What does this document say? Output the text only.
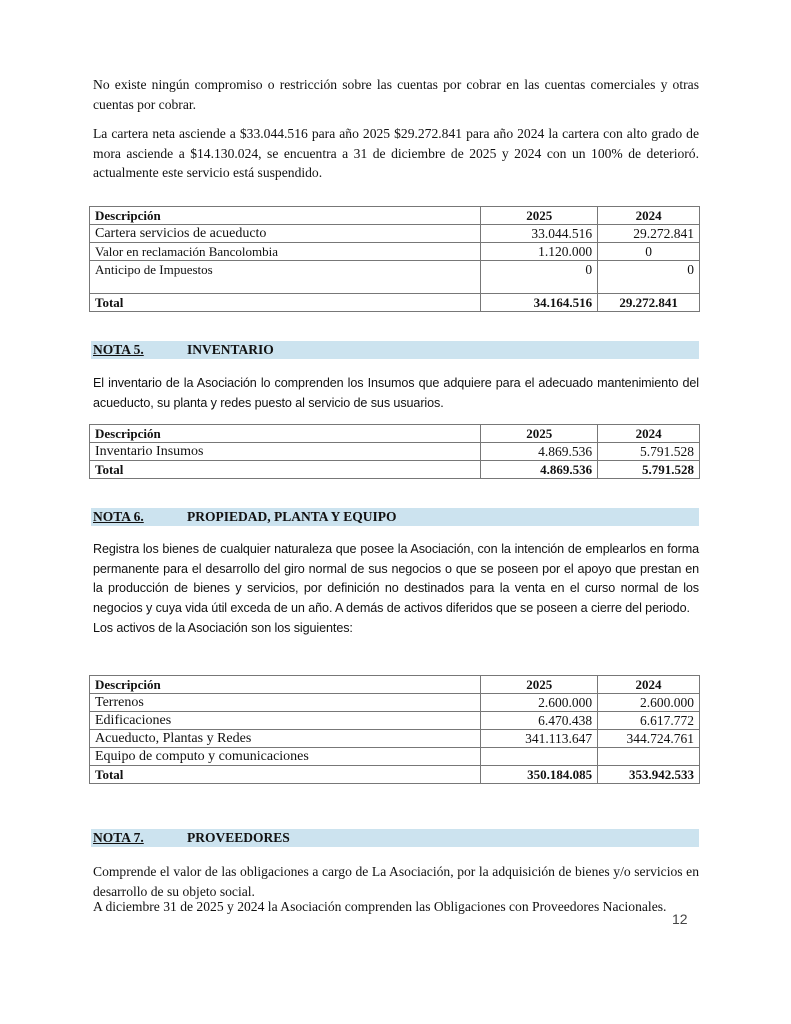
No existe ningún compromiso o restricción sobre las cuentas por cobrar en las cuentas comerciales y otras cuentas por cobrar.

La cartera neta asciende a $33.044.516 para año 2025 $29.272.841 para año 2024 la cartera con alto grado de mora asciende a $14.130.024, se encuentra a 31 de diciembre de 2025 y 2024 con un 100% de deterioró. actualmente este servicio está suspendido.

Descripción	2025	2024
Cartera servicios de acueducto	33.044.516	29.272.841
Valor en reclamación Bancolombia	1.120.000	0
Anticipo de Impuestos	0	0
Total	34.164.516	29.272.841
NOTA 5.	INVENTARIO

El inventario de la Asociación lo comprenden los Insumos que adquiere para el adecuado mantenimiento del acueducto, su planta y redes puesto al servicio de sus usuarios.

Descripción	2025	2024
Inventario Insumos	4.869.536	5.791.528
Total	4.869.536	5.791.528
NOTA 6.	PROPIEDAD, PLANTA Y EQUIPO

Registra los bienes de cualquier naturaleza que posee la Asociación, con la intención de emplearlos en forma permanente para el desarrollo del giro normal de sus negocios o que se poseen por el apoyo que prestan en la producción de bienes y servicios, por definición no destinados para la venta en el curso normal de los negocios y cuya vida útil exceda de un año. A demás de activos diferidos que se poseen a cierre del periodo.

Los activos de la Asociación son los siguientes:

Descripción	2025	2024
Terrenos	2.600.000	2.600.000
Edificaciones	6.470.438	6.617.772
Acueducto, Plantas y Redes	341.113.647	344.724.761
Equipo de computo y comunicaciones		
Total	350.184.085	353.942.533
NOTA 7.	PROVEEDORES

Comprende el valor de las obligaciones a cargo de La Asociación, por la adquisición de bienes y/o servicios en desarrollo de su objeto social.

A diciembre 31 de 2025 y 2024 la Asociación comprenden las Obligaciones con Proveedores Nacionales.

12
